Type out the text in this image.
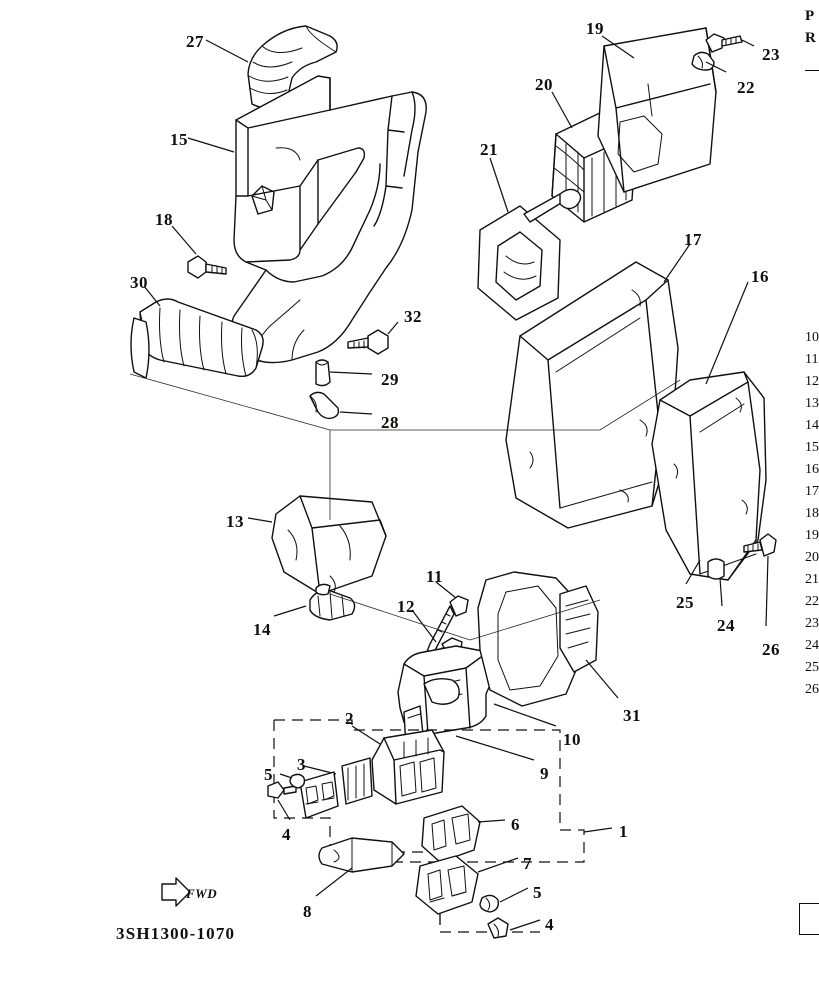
27
19
23
22
20
15
21
18
17
16
30
32
29
28
13
11
26
25
24
14
12
31
10
9
2
3
5
4
8
6
7
5
4
1
FWD
3SH1300-1070
P
R
10
11
12
13
14
15
16
17
18
19
20
21
22
23
24
25
26
